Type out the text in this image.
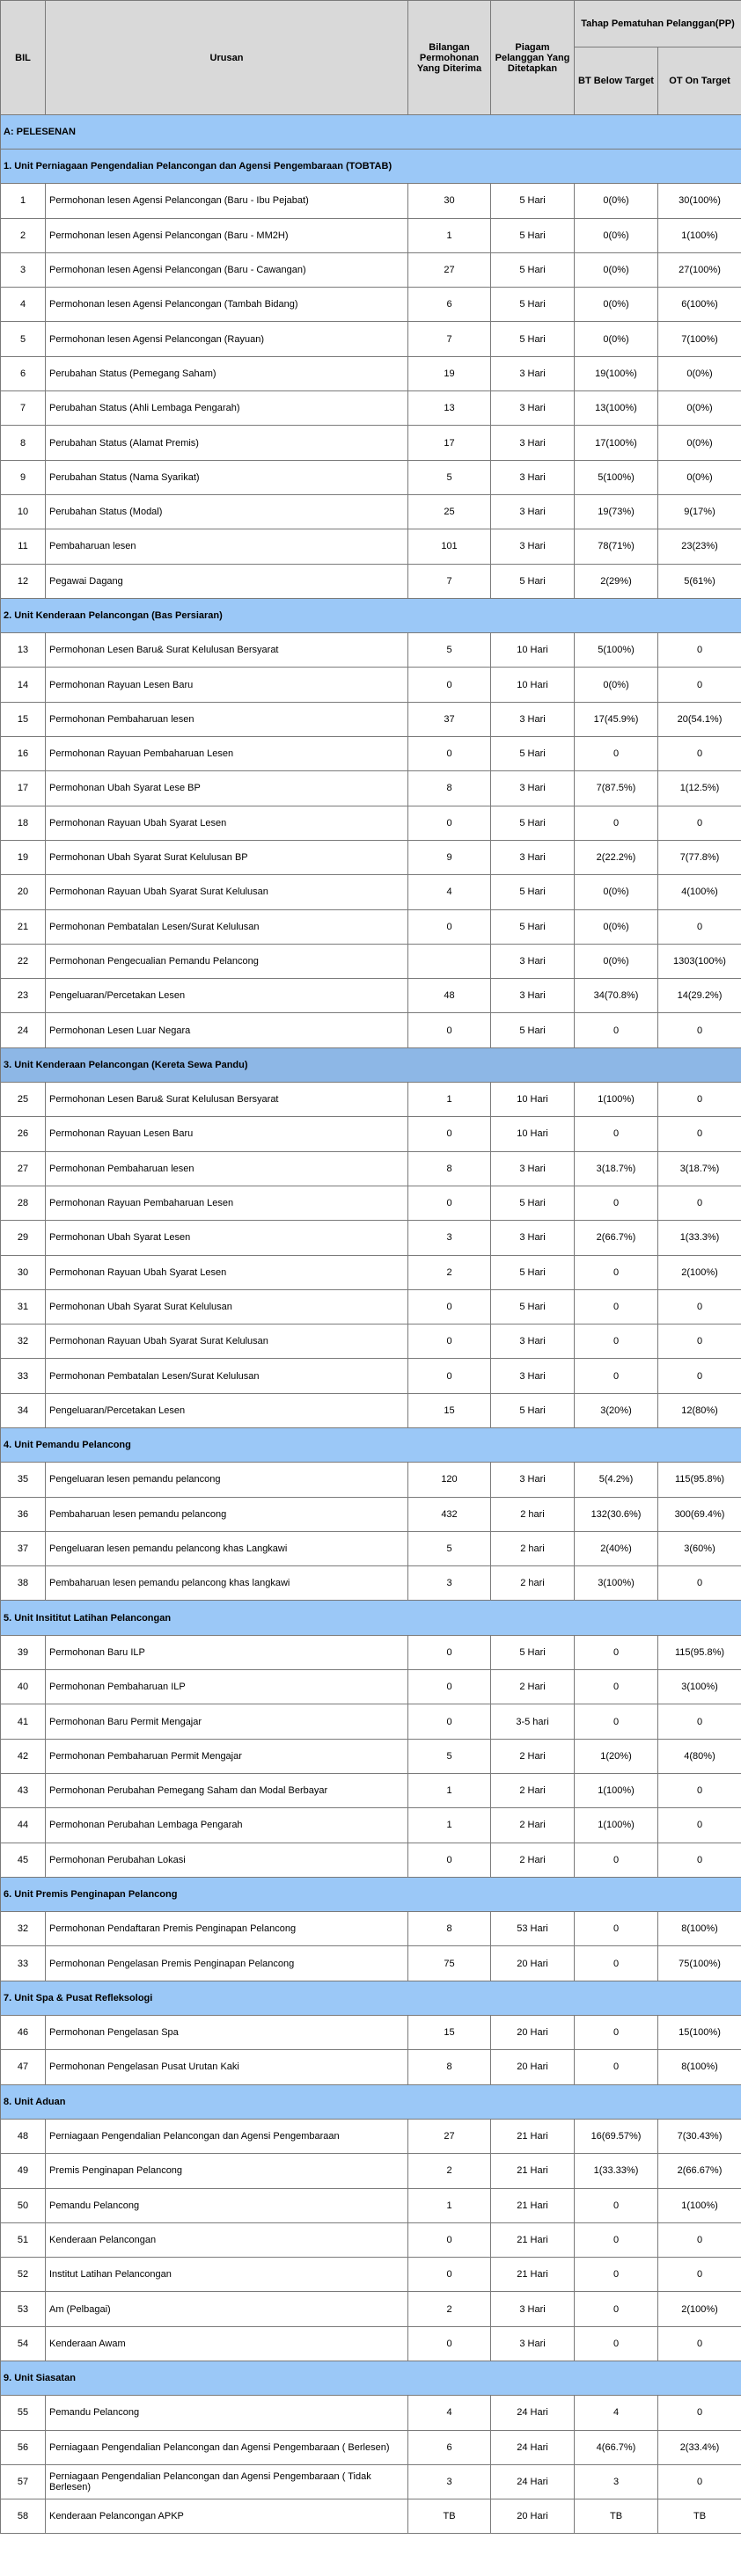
BIL	Urusan	Bilangan Permohonan Yang Diterima	Piagam Pelanggan Yang Ditetapkan	Tahap Pematuhan Pelanggan(PP)	
				BT Below Target	OT On Target
A: PELESENAN					
1. Unit Perniagaan Pengendalian Pelancongan dan Agensi Pengembaraan (TOBTAB)					
1	Permohonan lesen Agensi Pelancongan (Baru - Ibu Pejabat)	30	5 Hari	0(0%)	30(100%)
2	Permohonan lesen Agensi Pelancongan (Baru - MM2H)	1	5 Hari	0(0%)	1(100%)
3	Permohonan lesen Agensi Pelancongan (Baru - Cawangan)	27	5 Hari	0(0%)	27(100%)
4	Permohonan lesen Agensi Pelancongan (Tambah Bidang)	6	5 Hari	0(0%)	6(100%)
5	Permohonan lesen Agensi Pelancongan (Rayuan)	7	5 Hari	0(0%)	7(100%)
6	Perubahan Status (Pemegang Saham)	19	3 Hari	19(100%)	0(0%)
7	Perubahan Status (Ahli Lembaga Pengarah)	13	3 Hari	13(100%)	0(0%)
8	Perubahan Status (Alamat Premis)	17	3 Hari	17(100%)	0(0%)
9	Perubahan Status (Nama Syarikat)	5	3 Hari	5(100%)	0(0%)
10	Perubahan Status (Modal)	25	3 Hari	19(73%)	9(17%)
11	Pembaharuan lesen	101	3 Hari	78(71%)	23(23%)
12	Pegawai Dagang	7	5 Hari	2(29%)	5(61%)
2. Unit Kenderaan Pelancongan (Bas Persiaran)					
13	Permohonan Lesen Baru& Surat Kelulusan Bersyarat	5	10 Hari	5(100%)	0
14	Permohonan Rayuan Lesen Baru	0	10 Hari	0(0%)	0
15	Permohonan Pembaharuan lesen	37	3 Hari	17(45.9%)	20(54.1%)
16	Permohonan Rayuan Pembaharuan Lesen	0	5 Hari	0	0
17	Permohonan Ubah Syarat Lese BP	8	3 Hari	7(87.5%)	1(12.5%)
18	Permohonan Rayuan Ubah Syarat Lesen	0	5 Hari	0	0
19	Permohonan Ubah Syarat Surat Kelulusan BP	9	3 Hari	2(22.2%)	7(77.8%)
20	Permohonan Rayuan Ubah Syarat Surat Kelulusan	4	5 Hari	0(0%)	4(100%)
21	Permohonan Pembatalan Lesen/Surat Kelulusan	0	5 Hari	0(0%)	0
22	Permohonan Pengecualian Pemandu Pelancong		3 Hari	0(0%)	1303(100%)
23	Pengeluaran/Percetakan Lesen	48	3 Hari	34(70.8%)	14(29.2%)
24	Permohonan Lesen Luar Negara	0	5 Hari	0	0
3. Unit Kenderaan Pelancongan (Kereta Sewa Pandu)					
25	Permohonan Lesen Baru& Surat Kelulusan Bersyarat	1	10 Hari	1(100%)	0
26	Permohonan Rayuan Lesen Baru	0	10 Hari	0	0
27	Permohonan Pembaharuan lesen	8	3 Hari	3(18.7%)	3(18.7%)
28	Permohonan Rayuan Pembaharuan Lesen	0	5 Hari	0	0
29	Permohonan Ubah Syarat Lesen	3	3 Hari	2(66.7%)	1(33.3%)
30	Permohonan Rayuan Ubah Syarat Lesen	2	5 Hari	0	2(100%)
31	Permohonan Ubah Syarat Surat Kelulusan	0	5 Hari	0	0
32	Permohonan Rayuan Ubah Syarat Surat Kelulusan	0	3 Hari	0	0
33	Permohonan Pembatalan Lesen/Surat Kelulusan	0	3 Hari	0	0
34	Pengeluaran/Percetakan Lesen	15	5 Hari	3(20%)	12(80%)
4. Unit Pemandu Pelancong					
35	Pengeluaran lesen pemandu pelancong	120	3 Hari	5(4.2%)	115(95.8%)
36	Pembaharuan lesen pemandu pelancong	432	2 hari	132(30.6%)	300(69.4%)
37	Pengeluaran lesen pemandu pelancong khas Langkawi	5	2 hari	2(40%)	3(60%)
38	Pembaharuan lesen pemandu pelancong khas langkawi	3	2 hari	3(100%)	0
5. Unit Insititut Latihan Pelancongan					
39	Permohonan Baru ILP	0	5 Hari	0	115(95.8%)
40	Permohonan Pembaharuan ILP	0	2 Hari	0	3(100%)
41	Permohonan Baru Permit Mengajar	0	3-5 hari	0	0
42	Permohonan Pembaharuan Permit Mengajar	5	2 Hari	1(20%)	4(80%)
43	Permohonan Perubahan Pemegang Saham dan Modal Berbayar	1	2 Hari	1(100%)	0
44	Permohonan Perubahan Lembaga Pengarah	1	2 Hari	1(100%)	0
45	Permohonan Perubahan Lokasi	0	2 Hari	0	0
6. Unit Premis Penginapan Pelancong					
32	Permohonan Pendaftaran Premis Penginapan Pelancong	8	53 Hari	0	8(100%)
33	Permohonan Pengelasan Premis Penginapan Pelancong	75	20 Hari	0	75(100%)
7. Unit Spa & Pusat Refleksologi					
46	Permohonan Pengelasan Spa	15	20 Hari	0	15(100%)
47	Permohonan Pengelasan Pusat Urutan Kaki	8	20 Hari	0	8(100%)
8. Unit Aduan					
48	Perniagaan Pengendalian Pelancongan dan Agensi Pengembaraan	27	21 Hari	16(69.57%)	7(30.43%)
49	Premis Penginapan Pelancong	2	21 Hari	1(33.33%)	2(66.67%)
50	Pemandu Pelancong	1	21 Hari	0	1(100%)
51	Kenderaan Pelancongan	0	21 Hari	0	0
52	Institut Latihan Pelancongan	0	21 Hari	0	0
53	Am (Pelbagai)	2	3 Hari	0	2(100%)
54	Kenderaan Awam	0	3 Hari	0	0
9. Unit Siasatan					
55	Pemandu Pelancong	4	24 Hari	4	0
56	Perniagaan Pengendalian Pelancongan dan Agensi Pengembaraan ( Berlesen)	6	24 Hari	4(66.7%)	2(33.4%)
57	Perniagaan Pengendalian Pelancongan dan Agensi Pengembaraan ( Tidak Berlesen)	3	24 Hari	3	0
58	Kenderaan Pelancongan APKP	TB	20 Hari	TB	TB
